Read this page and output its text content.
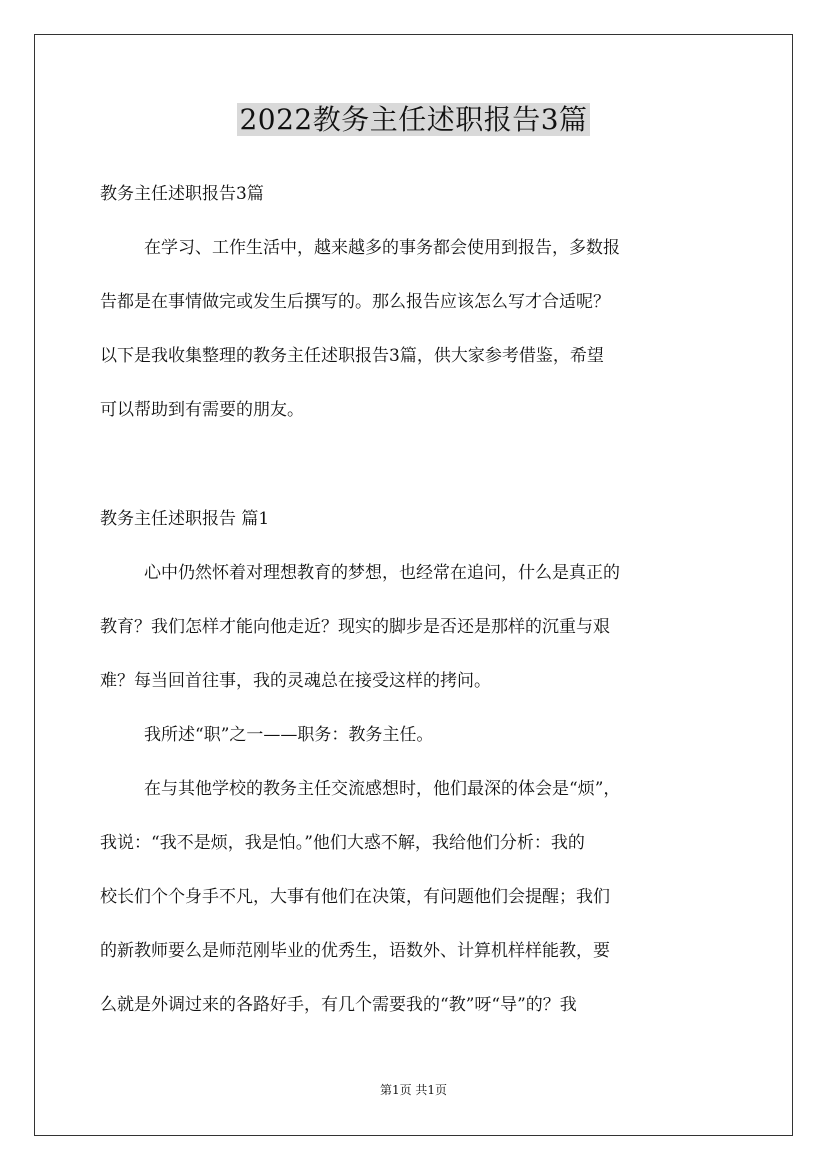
2022教务主任述职报告3篇
教务主任述职报告3篇
在学习、工作生活中，越来越多的事务都会使用到报告，多数报
告都是在事情做完或发生后撰写的。那么报告应该怎么写才合适呢？
以下是我收集整理的教务主任述职报告3篇，供大家参考借鉴，希望
可以帮助到有需要的朋友。
教务主任述职报告 篇1
心中仍然怀着对理想教育的梦想，也经常在追问，什么是真正的
教育？我们怎样才能向他走近？现实的脚步是否还是那样的沉重与艰
难？每当回首往事，我的灵魂总在接受这样的拷问。
我所述“职”之一——职务：教务主任。
在与其他学校的教务主任交流感想时，他们最深的体会是“烦”，
我说：“我不是烦，我是怕。”他们大惑不解，我给他们分析：我的
校长们个个身手不凡，大事有他们在决策，有问题他们会提醒；我们
的新教师要么是师范刚毕业的优秀生，语数外、计算机样样能教，要
么就是外调过来的各路好手，有几个需要我的“教”呀“导”的？我
第1页 共1页
